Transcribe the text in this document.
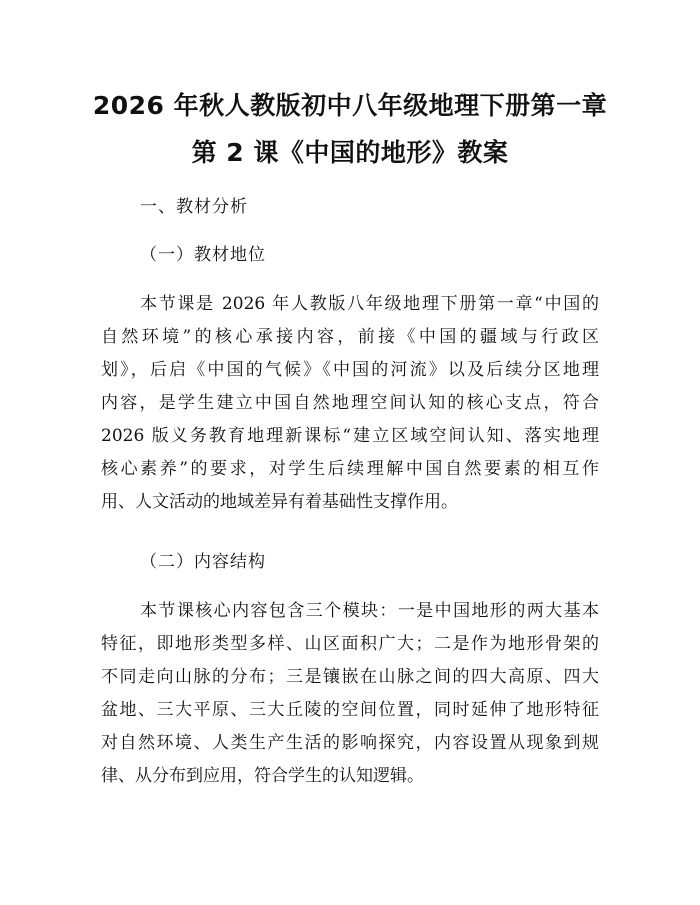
2026 年秋人教版初中八年级地理下册第一章
第 2 课《中国的地形》教案
一、教材分析
（一）教材地位
本节课是 2026 年人教版八年级地理下册第一章“中国的
自然环境”的核心承接内容，前接《中国的疆域与行政区
划》，后启《中国的气候》《中国的河流》以及后续分区地理
内容，是学生建立中国自然地理空间认知的核心支点，符合
2026 版义务教育地理新课标“建立区域空间认知、落实地理
核心素养”的要求，对学生后续理解中国自然要素的相互作
用、人文活动的地域差异有着基础性支撑作用。
（二）内容结构
本节课核心内容包含三个模块：一是中国地形的两大基本
特征，即地形类型多样、山区面积广大；二是作为地形骨架的
不同走向山脉的分布；三是镶嵌在山脉之间的四大高原、四大
盆地、三大平原、三大丘陵的空间位置，同时延伸了地形特征
对自然环境、人类生产生活的影响探究，内容设置从现象到规
律、从分布到应用，符合学生的认知逻辑。
